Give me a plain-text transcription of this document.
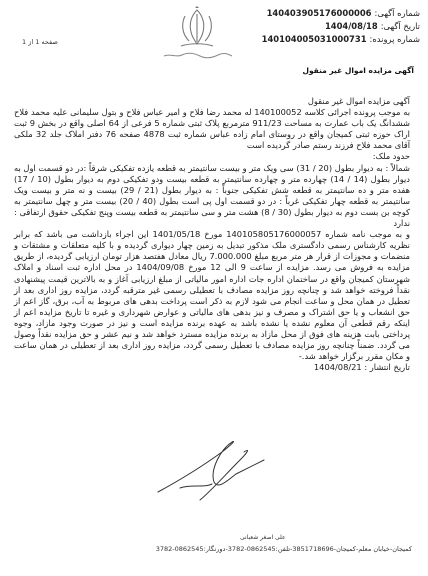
شماره آگهی:140403905176000006
تاریخ آگهی:1404/08/18
شماره پرونده:140104005031000731
صفحه 1 از 1
آگهی مزایده اموال غیر منقول

آگهی مزایده اموال غیر منقول

به موجب پرونده اجرائی کلاسه 140100052 له محمد رضا فلاح و امیر عباس فلاح و بتول سلیمانی علیه محمد فلاح ششدانگ یک باب عمارت به مساحت 911/23 مترمربع پلاک ثبتی شماره 5 فرعی از 64 اصلی واقع در بخش 9 ثبت اراک حوزه ثبتی کمیجان واقع در روستای امام زاده عباس شماره ثبت 4878 صفحه 76 دفتر املاک جلد 32 ملکی آقای محمد فلاح فرزند رستم صادر گردیده است

حدود ملک:

شمالاً : به دیوار بطول (20 / 31) سی ویک متر و بیست سانتیمتر به قطعه یازده تفکیکی شرقاً :در دو قسمت اول به دیوار بطول (14 / 14) چهارده متر و چهارده سانتیمتر به قطعه بیست ودو تفکیکی دوم به دیوار بطول (10 / 17) هفده متر و ده سانتیمتر به قطعه شش تفکیکی جنوباً : به دیوار بطول (21 / 29) بیست و نه متر و بیست ویک سانتیمتر به قطعه چهار تفکیکی غرباً : در دو قسمت اول پی است بطول (40 / 20) بیست متر و چهل سانتیمتر به کوچه بن بست دوم به دیوار بطول (30 / 8) هشت متر و سی سانتیمتر به قطعه بیست وپنج تفکیکی حقوق ارتفاقی : ندارد

و به موجب نامه شماره 140105805176000057 مورخ 1401/05/18 این اجراء بازداشت می باشد که برابر نظریه کارشناس رسمی دادگستری ملک مذکور تبدیل به زمین چهار دیواری گردیده و با کلیه متعلقات و مشتقات و منضمات و مجوزات از قرار هر متر مربع مبلغ 7.000.000 ریال معادل هفتصد هزار تومان ارزیابی گردیده، از طریق مزایده به فروش می رسد. مزایده از ساعت 9 الی 12 مورخ 1404/09/08 در محل اداره ثبت اسناد و املاک شهرستان کمیجان واقع در ساختمان اداره جات اداره امور مالیاتی از مبلغ ارزیابی آغاز و به بالاترین قیمت پیشنهادی نقداً فروخته خواهد شد و چنانچه روز مزایده مصادف با تعطیلی رسمی غیر مترقبه گردد، مزایده روز اداری بعد از تعطیل در همان محل و ساعت انجام می شود لازم به ذکر است پرداخت بدهی های مربوط به آب، برق، گاز اعم از حق انشعاب و یا حق اشتراک و مصرف و نیز بدهی های مالیاتی و عوارض شهرداری و غیره تا تاریخ مزایده اعم از اینکه رقم قطعی آن معلوم نشده یا نشده باشد به عهده برنده مزایده است و نیز در صورت وجود مازاد، وجوه پرداختی بابت هزینه های فوق از محل مازاد به برنده مزایده مسترد خواهد شد و نیم عشر و حق مزایده نقداً وصول می گردد. ضمناً چنانچه روز مزایده مصادف با تعطیل رسمی گردد، مزایده روز اداری بعد از تعطیلی در همان ساعت و مکان مقرر برگزار خواهد شد.-

تاریخ انتشار : 1404/08/21

علی اصغر شعبانی
کمیجان-خیابان معلم-کمیجان-3851718696-تلفن:0862545-3782-دورنگار:0862545-3782
